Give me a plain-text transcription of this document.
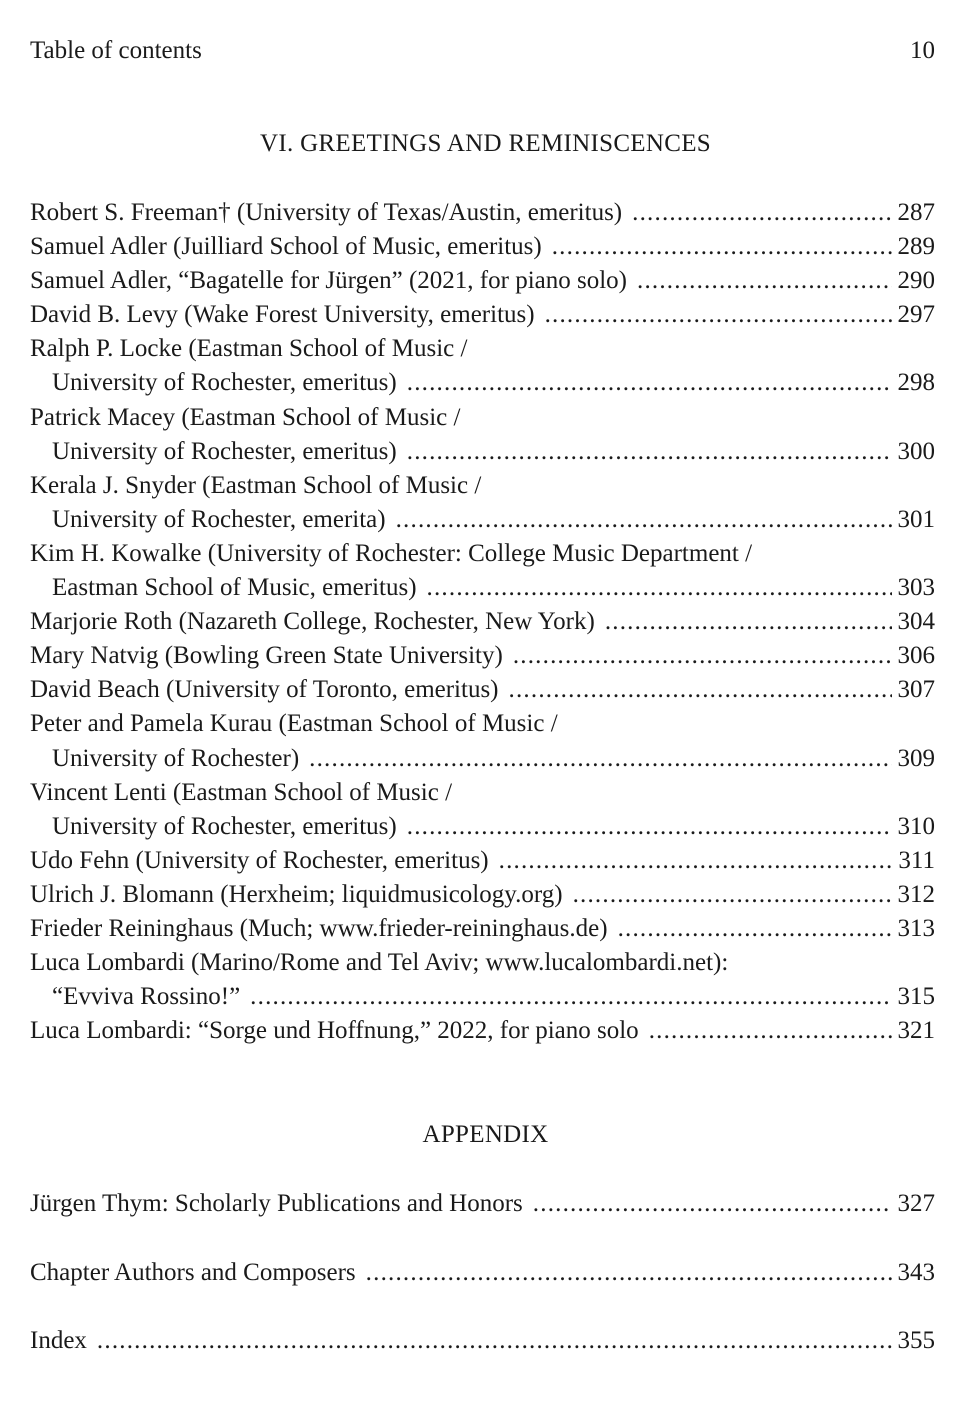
Table of contents	10
VI. GREETINGS AND REMINISCENCES
Robert S. Freeman† (University of Texas/Austin, emeritus) .....	287
Samuel Adler (Juilliard School of Music, emeritus) .....	289
Samuel Adler, “Bagatelle for Jürgen” (2021, for piano solo) .....	290
David B. Levy (Wake Forest University, emeritus) .....	297
Ralph P. Locke (Eastman School of Music /
University of Rochester, emeritus) .....	298
Patrick Macey (Eastman School of Music /
University of Rochester, emeritus) .....	300
Kerala J. Snyder (Eastman School of Music /
University of Rochester, emerita) .....	301
Kim H. Kowalke (University of Rochester: College Music Department /
Eastman School of Music, emeritus) .....	303
Marjorie Roth (Nazareth College, Rochester, New York) .....	304
Mary Natvig (Bowling Green State University) .....	306
David Beach (University of Toronto, emeritus) .....	307
Peter and Pamela Kurau (Eastman School of Music /
University of Rochester) .....	309
Vincent Lenti (Eastman School of Music /
University of Rochester, emeritus) .....	310
Udo Fehn (University of Rochester, emeritus) .....	311
Ulrich J. Blomann (Herxheim; liquidmusicology.org) .....	312
Frieder Reininghaus (Much; www.frieder-reininghaus.de) .....	313
Luca Lombardi (Marino/Rome and Tel Aviv; www.lucalombardi.net):
“Evviva Rossino!” .....	315
Luca Lombardi: “Sorge und Hoffnung,” 2022, for piano solo .....	321
APPENDIX
Jürgen Thym: Scholarly Publications and Honors .....	327
Chapter Authors and Composers .....	343
Index .....	355
